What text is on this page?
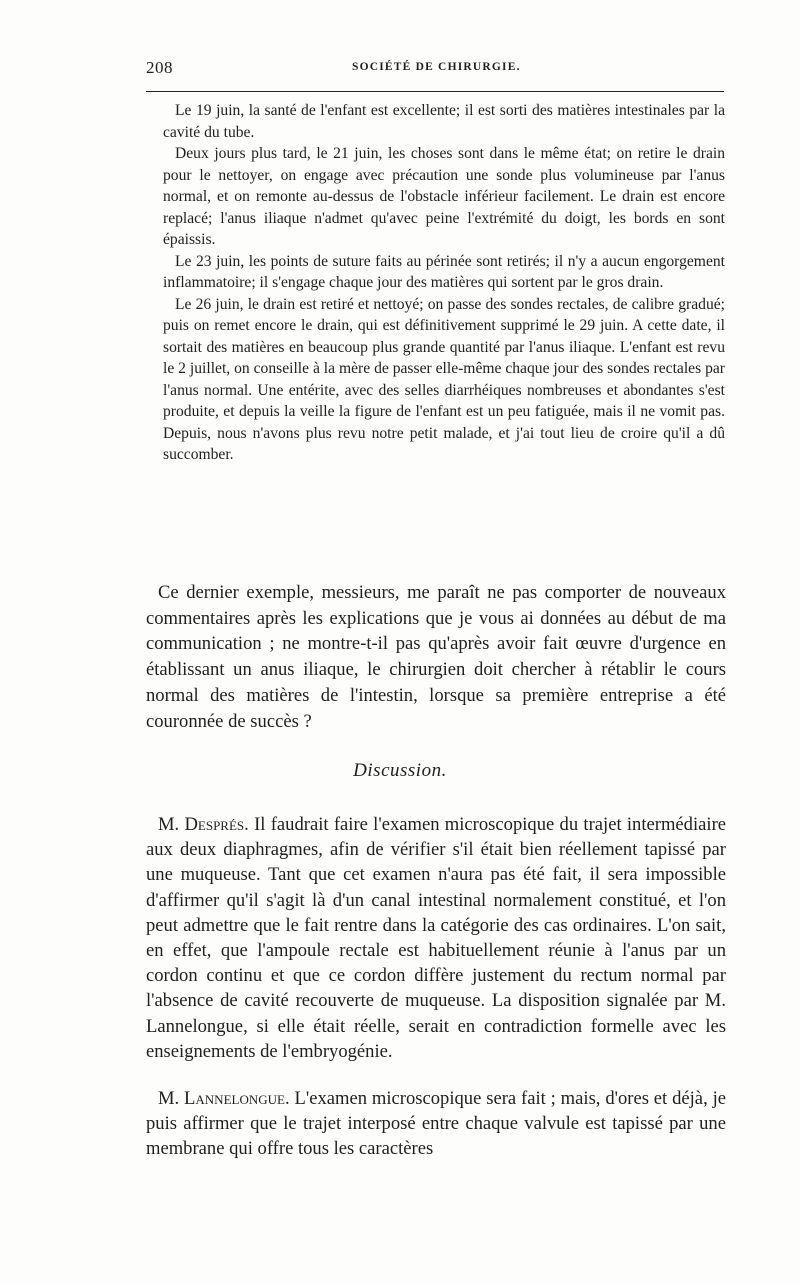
208	SOCIÉTÉ DE CHIRURGIE.

Le 19 juin, la santé de l'enfant est excellente; il est sorti des matières intestinales par la cavité du tube.

Deux jours plus tard, le 21 juin, les choses sont dans le même état; on retire le drain pour le nettoyer, on engage avec précaution une sonde plus volumineuse par l'anus normal, et on remonte au-dessus de l'obstacle inférieur facilement. Le drain est encore replacé; l'anus iliaque n'admet qu'avec peine l'extrémité du doigt, les bords en sont épaissis.

Le 23 juin, les points de suture faits au périnée sont retirés; il n'y a aucun engorgement inflammatoire; il s'engage chaque jour des matières qui sortent par le gros drain.

Le 26 juin, le drain est retiré et nettoyé; on passe des sondes rectales, de calibre gradué; puis on remet encore le drain, qui est définitivement supprimé le 29 juin. A cette date, il sortait des matières en beaucoup plus grande quantité par l'anus iliaque. L'enfant est revu le 2 juillet, on conseille à la mère de passer elle-même chaque jour des sondes rectales par l'anus normal. Une entérite, avec des selles diarrhéiques nombreuses et abondantes s'est produite, et depuis la veille la figure de l'enfant est un peu fatiguée, mais il ne vomit pas. Depuis, nous n'avons plus revu notre petit malade, et j'ai tout lieu de croire qu'il a dû succomber.

Ce dernier exemple, messieurs, me paraît ne pas comporter de nouveaux commentaires après les explications que je vous ai données au début de ma communication ; ne montre-t-il pas qu'après avoir fait œuvre d'urgence en établissant un anus iliaque, le chirurgien doit chercher à rétablir le cours normal des matières de l'intestin, lorsque sa première entreprise a été couronnée de succès ?

Discussion.

M. Després. Il faudrait faire l'examen microscopique du trajet intermédiaire aux deux diaphragmes, afin de vérifier s'il était bien réellement tapissé par une muqueuse. Tant que cet examen n'aura pas été fait, il sera impossible d'affirmer qu'il s'agit là d'un canal intestinal normalement constitué, et l'on peut admettre que le fait rentre dans la catégorie des cas ordinaires. L'on sait, en effet, que l'ampoule rectale est habituellement réunie à l'anus par un cordon continu et que ce cordon diffère justement du rectum normal par l'absence de cavité recouverte de muqueuse. La disposition signalée par M. Lannelongue, si elle était réelle, serait en contradiction formelle avec les enseignements de l'embryogénie.

M. Lannelongue. L'examen microscopique sera fait ; mais, d'ores et déjà, je puis affirmer que le trajet interposé entre chaque valvule est tapissé par une membrane qui offre tous les caractères
